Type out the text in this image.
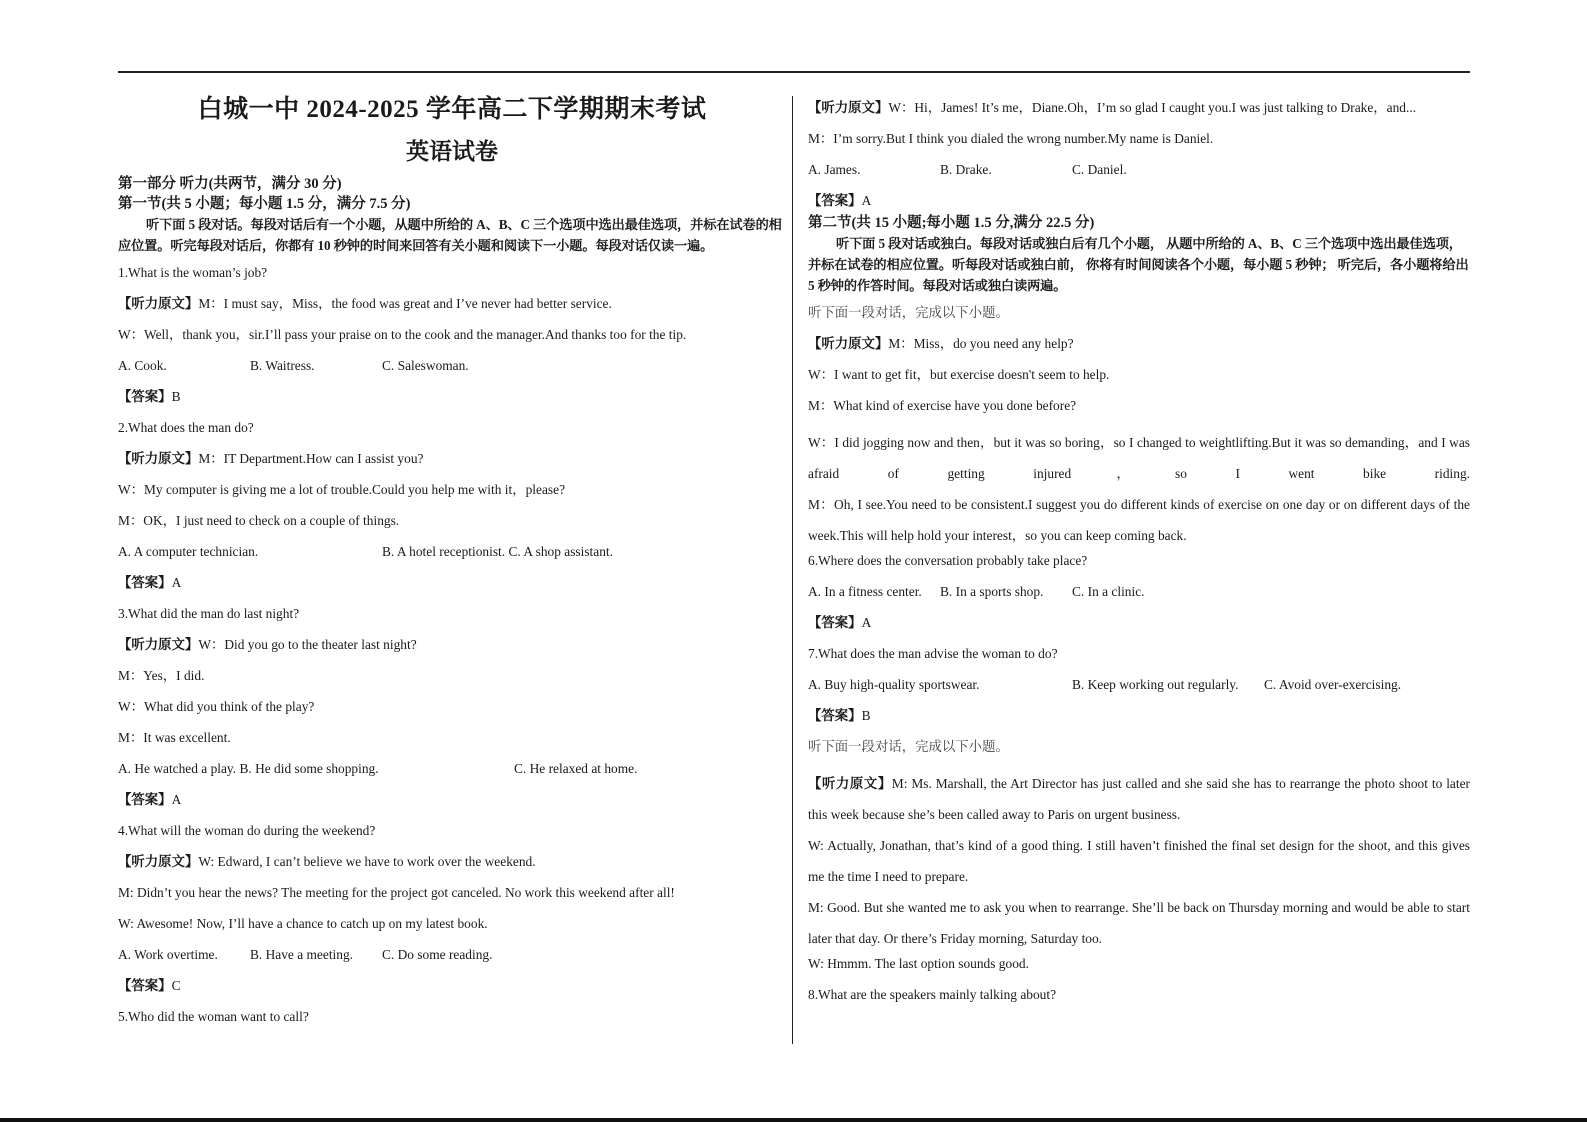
白城一中 2024-2025 学年高二下学期期末考试
英语试卷
第一部分 听力(共两节，满分 30 分)
第一节(共 5 小题；每小题 1.5 分，满分 7.5 分)
听下面 5 段对话。每段对话后有一个小题，从题中所给的 A、B、C 三个选项中选出最佳选项，并标在试卷的相应位置。听完每段对话后，你都有 10 秒钟的时间来回答有关小题和阅读下一小题。每段对话仅读一遍。
1.What is the woman’s job?
【听力原文】M：I must say，Miss，the food was great and I’ve never had better service.
W：Well，thank you，sir.I’ll pass your praise on to the cook and the manager.And thanks too for the tip.
A. Cook.	B. Waitress.	C. Saleswoman.
【答案】B
2.What does the man do?
【听力原文】M：IT Department.How can I assist you?
W：My computer is giving me a lot of trouble.Could you help me with it，please?
M：OK，I just need to check on a couple of things.
A. A computer technician.	B. A hotel receptionist. C. A shop assistant.
【答案】A
3.What did the man do last night?
【听力原文】W：Did you go to the theater last night?
M：Yes，I did.
W：What did you think of the play?
M：It was excellent.
A. He watched a play. B. He did some shopping.	C. He relaxed at home.
【答案】A
4.What will the woman do during the weekend?
【听力原文】W: Edward, I can’t believe we have to work over the weekend.
M: Didn’t you hear the news? The meeting for the project got canceled. No work this weekend after all!
W: Awesome! Now, I’ll have a chance to catch up on my latest book.
A. Work overtime. B. Have a meeting. C. Do some reading.
【答案】C
5.Who did the woman want to call?
【听力原文】W：Hi，James! It’s me，Diane.Oh，I’m so glad I caught you.I was just talking to Drake，and...
M：I’m sorry.But I think you dialed the wrong number.My name is Daniel.
A. James.	B. Drake.	C. Daniel.
【答案】A
第二节(共 15 小题;每小题 1.5 分,满分 22.5 分)
听下面 5 段对话或独白。每段对话或独白后有几个小题， 从题中所给的 A、B、C 三个选项中选出最佳选项，并标在试卷的相应位置。听每段对话或独白前， 你将有时间阅读各个小题，每小题 5 秒钟； 听完后，各小题将给出 5 秒钟的作答时间。每段对话或独白读两遍。
听下面一段对话，完成以下小题。
【听力原文】M：Miss，do you need any help?
W：I want to get fit，but exercise doesn't seem to help.
M：What kind of exercise have you done before?
W：I did jogging now and then，but it was so boring，so I changed to weightlifting.But it was so demanding，and I was afraid of getting injured，so I went bike riding.
M：Oh, I see.You need to be consistent.I suggest you do different kinds of exercise on one day or on different days of the week.This will help hold your interest，so you can keep coming back.
6.Where does the conversation probably take place?
A. In a fitness center. B. In a sports shop. C. In a clinic.
【答案】A
7.What does the man advise the woman to do?
A. Buy high-quality sportswear.	B. Keep working out regularly. C. Avoid over-exercising.
【答案】B
听下面一段对话，完成以下小题。
【听力原文】M: Ms. Marshall, the Art Director has just called and she said she has to rearrange the photo shoot to later this week because she’s been called away to Paris on urgent business.
W: Actually, Jonathan, that’s kind of a good thing. I still haven’t finished the final set design for the shoot, and this gives me the time I need to prepare.
M: Good. But she wanted me to ask you when to rearrange. She’ll be back on Thursday morning and would be able to start later that day. Or there’s Friday morning, Saturday too.
W: Hmmm. The last option sounds good.
8.What are the speakers mainly talking about?
